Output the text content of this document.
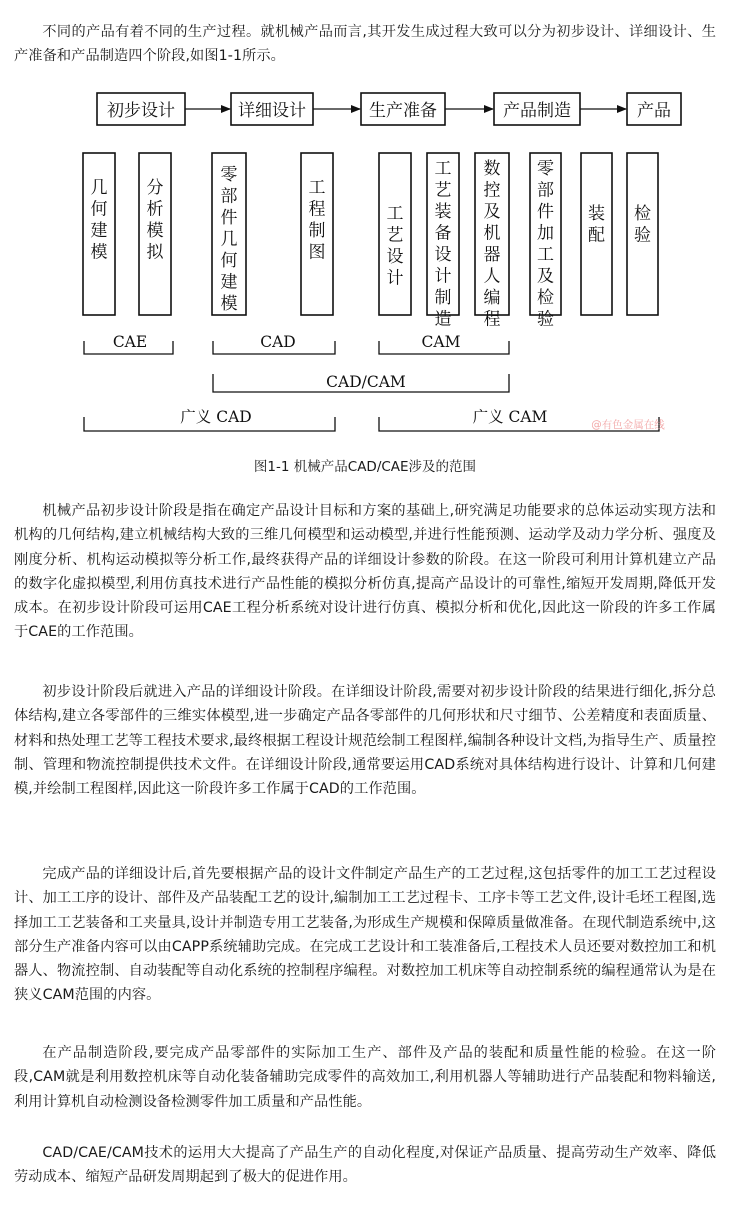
不同的产品有着不同的生产过程。就机械产品而言,其开发生成过程大致可以分为初步设计、详细设计、生产准备和产品制造四个阶段,如图1-1所示。

初步设计	详细设计	生产准备	产品制造	产品
几何建模
分析模拟
零部件几何建模
工程制图
工艺设计
工艺装备设计制造
数控及机器人编程
零部件加工及检验
装配
检验
CAE	CAD	CAM
CAD/CAM
广义 CAD	广义 CAM	@有色金属在线

图1-1 机械产品CAD/CAE涉及的范围

机械产品初步设计阶段是指在确定产品设计目标和方案的基础上,研究满足功能要求的总体运动实现方法和机构的几何结构,建立机械结构大致的三维几何模型和运动模型,并进行性能预测、运动学及动力学分析、强度及刚度分析、机构运动模拟等分析工作,最终获得产品的详细设计参数的阶段。在这一阶段可利用计算机建立产品的数字化虚拟模型,利用仿真技术进行产品性能的模拟分析仿真,提高产品设计的可靠性,缩短开发周期,降低开发成本。在初步设计阶段可运用CAE工程分析系统对设计进行仿真、模拟分析和优化,因此这一阶段的许多工作属于CAE的工作范围。

初步设计阶段后就进入产品的详细设计阶段。在详细设计阶段,需要对初步设计阶段的结果进行细化,拆分总体结构,建立各零部件的三维实体模型,进一步确定产品各零部件的几何形状和尺寸细节、公差精度和表面质量、材料和热处理工艺等工程技术要求,最终根据工程设计规范绘制工程图样,编制各种设计文档,为指导生产、质量控制、管理和物流控制提供技术文件。在详细设计阶段,通常要运用CAD系统对具体结构进行设计、计算和几何建模,并绘制工程图样,因此这一阶段许多工作属于CAD的工作范围。

完成产品的详细设计后,首先要根据产品的设计文件制定产品生产的工艺过程,这包括零件的加工工艺过程设计、加工工序的设计、部件及产品装配工艺的设计,编制加工工艺过程卡、工序卡等工艺文件,设计毛坯工程图,选择加工工艺装备和工夹量具,设计并制造专用工艺装备,为形成生产规模和保障质量做准备。在现代制造系统中,这部分生产准备内容可以由CAPP系统辅助完成。在完成工艺设计和工装准备后,工程技术人员还要对数控加工和机器人、物流控制、自动装配等自动化系统的控制程序编程。对数控加工机床等自动控制系统的编程通常认为是在狭义CAM范围的内容。

在产品制造阶段,要完成产品零部件的实际加工生产、部件及产品的装配和质量性能的检验。在这一阶段,CAM就是利用数控机床等自动化装备辅助完成零件的高效加工,利用机器人等辅助进行产品装配和物料输送,利用计算机自动检测设备检测零件加工质量和产品性能。

CAD/CAE/CAM技术的运用大大提高了产品生产的自动化程度,对保证产品质量、提高劳动生产效率、降低劳动成本、缩短产品研发周期起到了极大的促进作用。
